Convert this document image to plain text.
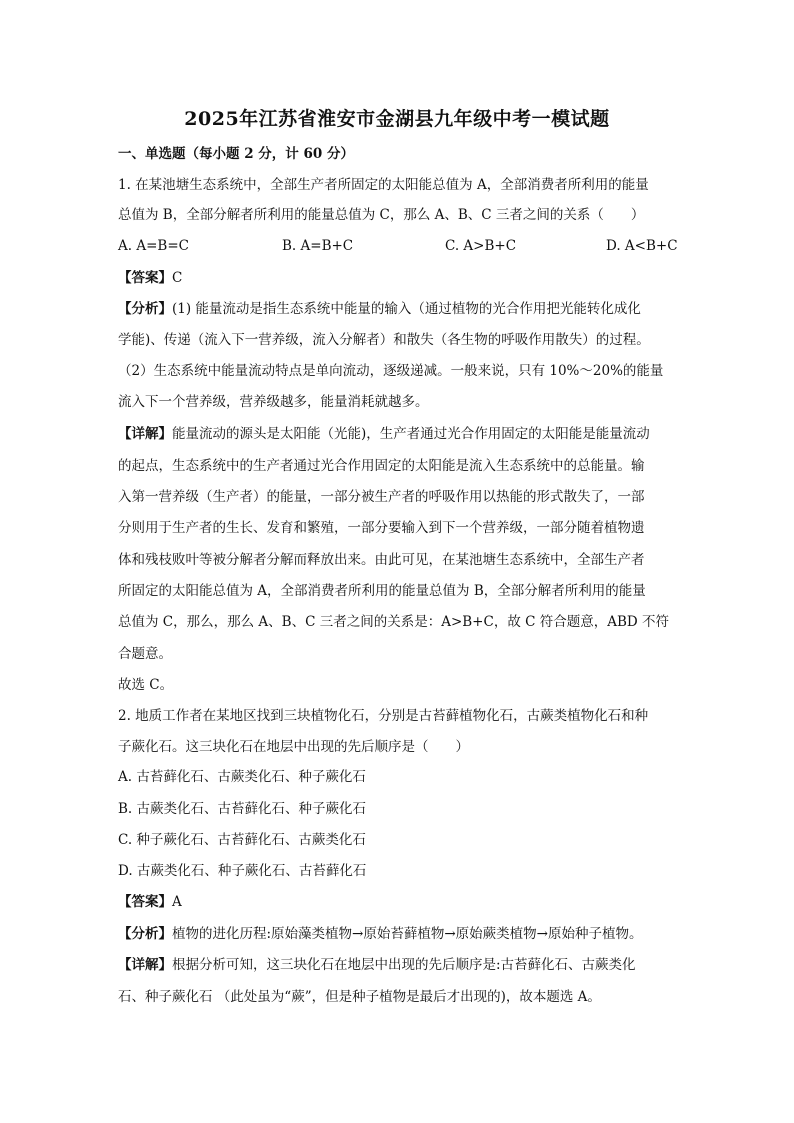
2025年江苏省淮安市金湖县九年级中考一模试题
一、单选题（每小题 2 分，计 60 分）
1. 在某池塘生态系统中，全部生产者所固定的太阳能总值为 A，全部消费者所利用的能量
总值为 B，全部分解者所利用的能量总值为 C，那么 A、B、C 三者之间的关系（　　）
A. A=B=C	B. A=B+C	C. A>B+C	D. A<B+C
【答案】C
【分析】(1) 能量流动是指生态系统中能量的输入（通过植物的光合作用把光能转化成化
学能)、传递（流入下一营养级，流入分解者）和散失（各生物的呼吸作用散失）的过程。
（2）生态系统中能量流动特点是单向流动，逐级递减。一般来说，只有 10%～20%的能量
流入下一个营养级，营养级越多，能量消耗就越多。
【详解】能量流动的源头是太阳能（光能)，生产者通过光合作用固定的太阳能是能量流动
的起点，生态系统中的生产者通过光合作用固定的太阳能是流入生态系统中的总能量。输
入第一营养级（生产者）的能量，一部分被生产者的呼吸作用以热能的形式散失了，一部
分则用于生产者的生长、发育和繁殖，一部分要输入到下一个营养级，一部分随着植物遗
体和残枝败叶等被分解者分解而释放出来。由此可见，在某池塘生态系统中，全部生产者
所固定的太阳能总值为 A，全部消费者所利用的能量总值为 B，全部分解者所利用的能量
总值为 C，那么，那么 A、B、C 三者之间的关系是：A>B+C，故 C 符合题意，ABD 不符
合题意。
故选 C。
2. 地质工作者在某地区找到三块植物化石，分别是古苔藓植物化石，古蕨类植物化石和种
子蕨化石。这三块化石在地层中出现的先后顺序是（　　）
A. 古苔藓化石、古蕨类化石、种子蕨化石
B. 古蕨类化石、古苔藓化石、种子蕨化石
C. 种子蕨化石、古苔藓化石、古蕨类化石
D. 古蕨类化石、种子蕨化石、古苔藓化石
【答案】A
【分析】植物的进化历程:原始藻类植物→原始苔藓植物→原始蕨类植物→原始种子植物。
【详解】根据分析可知，这三块化石在地层中出现的先后顺序是:古苔藓化石、古蕨类化
石、种子蕨化石 （此处虽为“蕨”，但是种子植物是最后才出现的)，故本题选 A。
